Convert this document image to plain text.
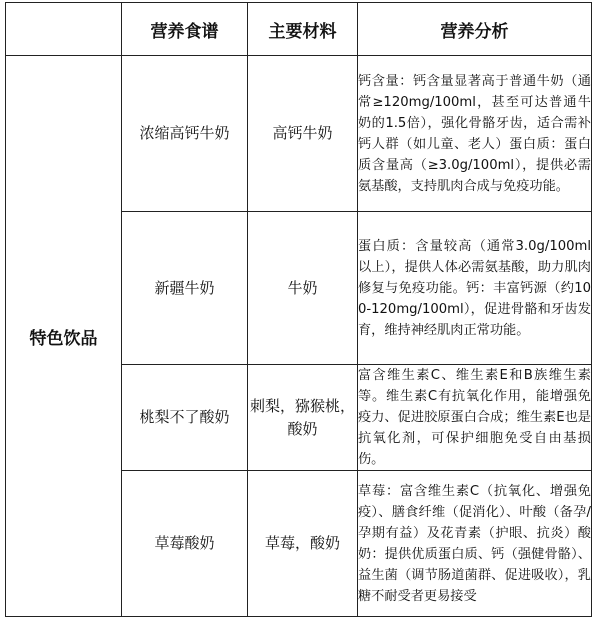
	营养食谱	主要材料	营养分析
特色饮品	浓缩高钙牛奶	高钙牛奶	钙含量：钙含量显著高于普通牛奶（通常≥120mg/100ml，甚至可达普通牛奶的1.5倍），强化骨骼牙齿，适合需补钙人群（如儿童、老人）蛋白质：蛋白质含量高（≥3.0g/100ml），提供必需氨基酸，支持肌肉合成与免疫功能。
	新疆牛奶	牛奶	蛋白质：含量较高（通常3.0g/100ml以上），提供人体必需氨基酸，助力肌肉修复与免疫功能。钙：丰富钙源（约100-120mg/100ml），促进骨骼和牙齿发育，维持神经肌肉正常功能。
	桃梨不了酸奶	刺梨，猕猴桃，酸奶	富含维生素C、维生素E和B族维生素等。维生素C有抗氧化作用，能增强免疫力、促进胶原蛋白合成；维生素E也是抗氧化剂，可保护细胞免受自由基损伤。
	草莓酸奶	草莓，酸奶	草莓：富含维生素C（抗氧化、增强免疫）、膳食纤维（促消化）、叶酸（备孕/孕期有益）及花青素（护眼、抗炎）酸奶：提供优质蛋白质、钙（强健骨骼）、益生菌（调节肠道菌群、促进吸收），乳糖不耐受者更易接受
